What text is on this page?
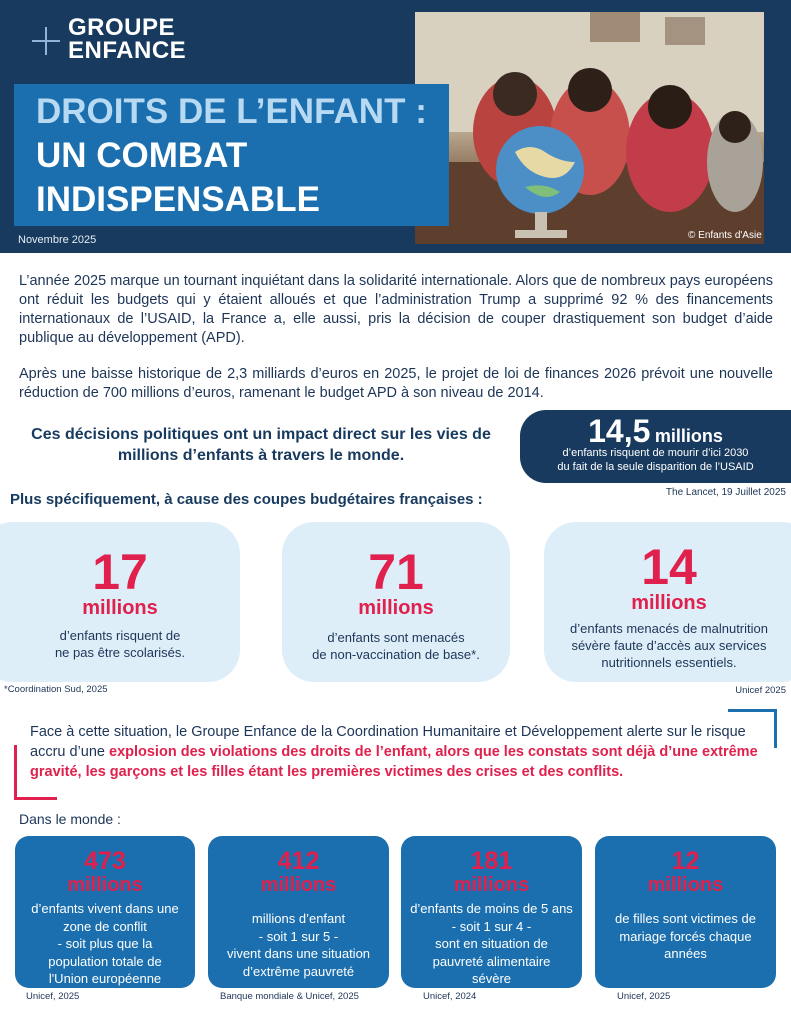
GROUPE
ENFANCE
© Enfants d'Asie
DROITS DE L’ENFANT :
UN COMBAT
INDISPENSABLE
Novembre 2025
L’année 2025 marque un tournant inquiétant dans la solidarité internationale. Alors que de nombreux pays européens ont réduit les budgets qui y étaient alloués et que l’administration Trump a supprimé 92 % des financements internationaux de l’USAID, la France a, elle aussi, pris la décision de couper drastiquement son budget d’aide publique au développement (APD).
Après une baisse historique de 2,3 milliards d’euros en 2025, le projet de loi de finances 2026 prévoit une nouvelle réduction de 700 millions d’euros, ramenant le budget APD à son niveau de 2014.
Ces décisions politiques ont un impact direct sur les vies de
millions d’enfants à travers le monde.
14,5 millions
d’enfants risquent de mourir d’ici 2030
du fait de la seule disparition de l’USAID
The Lancet, 19 Juillet 2025
Plus spécifiquement, à cause des coupes budgétaires françaises :
17
millions
d’enfants risquent de
ne pas être scolarisés.
71
millions
d’enfants sont menacés
de non-vaccination de base*.
14
millions
d’enfants menacés de malnutrition
sévère faute d’accès aux services
nutritionnels essentiels.
*Coordination Sud, 2025	Unicef 2025
Face à cette situation, le Groupe Enfance de la Coordination Humanitaire et Développement alerte sur le risque accru d’une explosion des violations des droits de l’enfant, alors que les constats sont déjà d’une extrême gravité, les garçons et les filles étant les premières victimes des crises et des conflits.
Dans le monde :
473
millions
d’enfants vivent dans une
zone de conflit
- soit plus que la
population totale de
l'Union européenne
412
millions
millions d’enfant
- soit 1 sur 5 -
vivent dans une situation
d’extrême pauvreté
181
millions
d’enfants de moins de 5 ans
- soit 1 sur 4 -
sont en situation de
pauvreté alimentaire
sévère
12
millions
de filles sont victimes de
mariage forcés chaque
années
Unicef, 2025	Banque mondiale & Unicef, 2025	Unicef, 2024	Unicef, 2025
